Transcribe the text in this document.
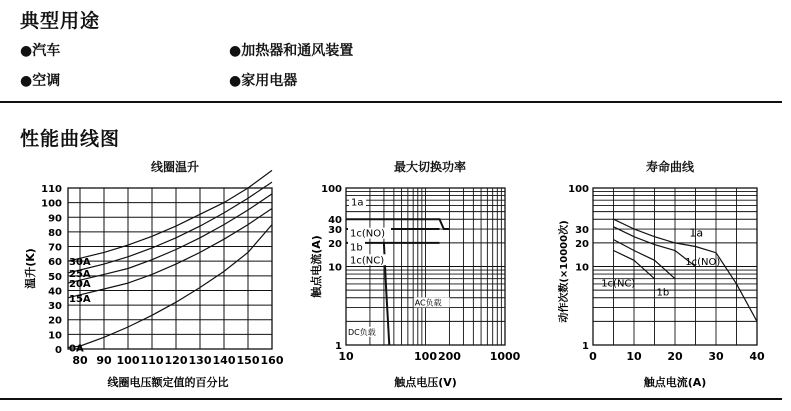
典型用途
●汽车	●加热器和通风装置
●空调	●家用电器
性能曲线图
线圈温升	最大切换功率	寿命曲线
0
10
20
30
40
50
60
70
80
90
100
110
80 90 100 110 120 130 140 150 160
线圈电压额定值的百分比
温升(K)	30A
25A
20A
15A
0A	1
10
20
30
40
100
10	100 200	1000
触点电压(V)
触点电流(A)
1a
1c(NO)
1b
1c(NC)
AC负载
DC负载
1
10
20
30
100
0	10 20 30 40
触点电流(A)
动作次数(×10000次)	1a
1c(NO)
1c(NC)
1b
